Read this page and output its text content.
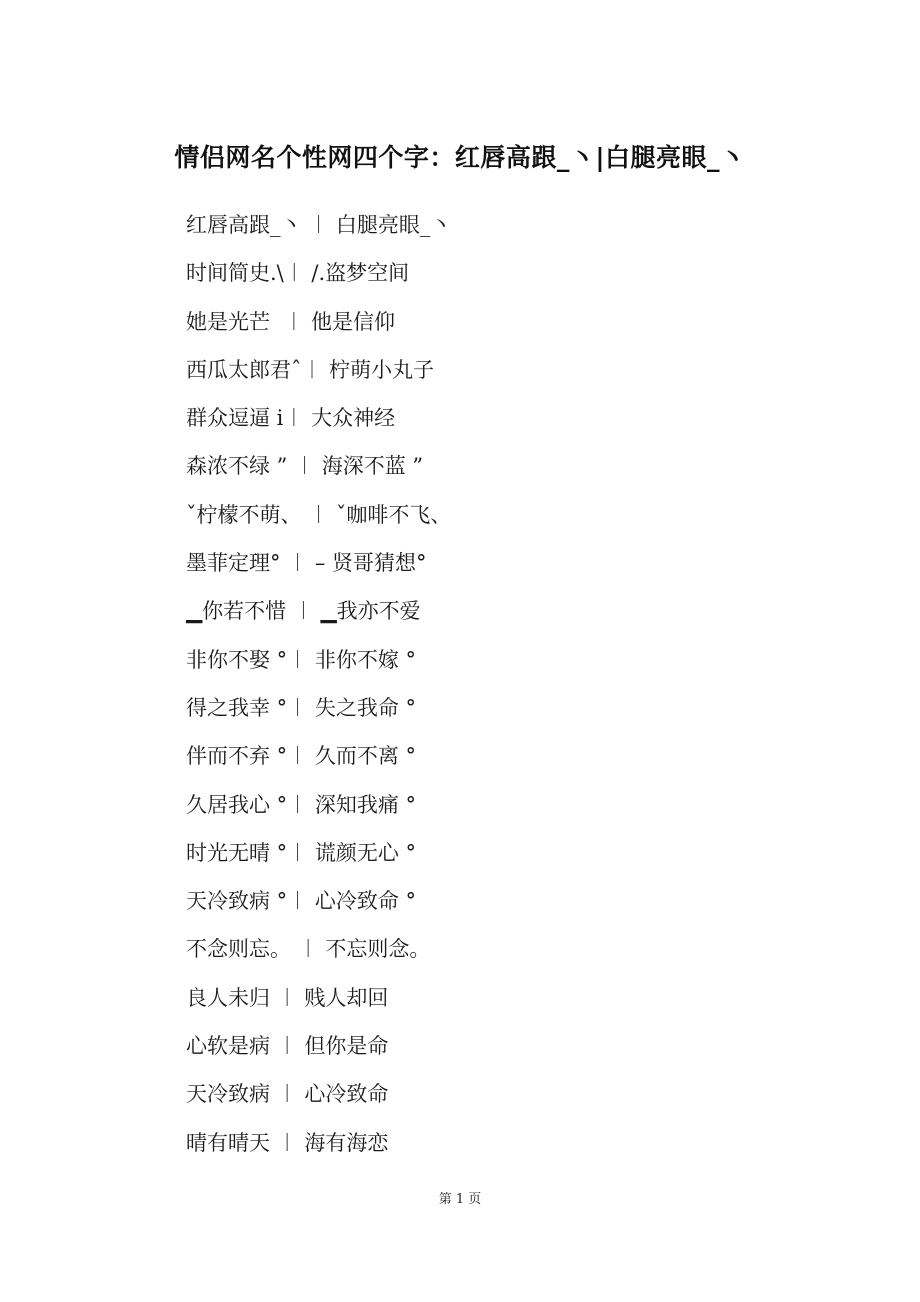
情侣网名个性网四个字：红唇高跟_丶|白腿亮眼_丶
红唇高跟_丶 ︱ 白腿亮眼_丶
时间简史.\︱ /.盗梦空间
她是光芒  ︱ 他是信仰
西瓜太郎君ˆ︱ 柠萌小丸子
群众逗逼 i︱ 大众神经
森浓不绿 ” ︱ 海深不蓝 ”
ˇ柠檬不萌、 ︱ ˇ咖啡不飞、
墨菲定理° ︱ – 贤哥猜想°
▁你若不惜 ︱ ▁我亦不爱
非你不娶 °︱ 非你不嫁 °
得之我幸 °︱ 失之我命 °
伴而不弃 °︱ 久而不离 °
久居我心 °︱ 深知我痛 °
时光无晴 °︱ 谎颜无心 °
天冷致病 °︱ 心冷致命 °
不念则忘。 ︱ 不忘则念。
良人未归 ︱ 贱人却回
心软是病 ︱ 但你是命
天冷致病 ︱ 心冷致命
晴有晴天 ︱ 海有海恋
第 1 页
